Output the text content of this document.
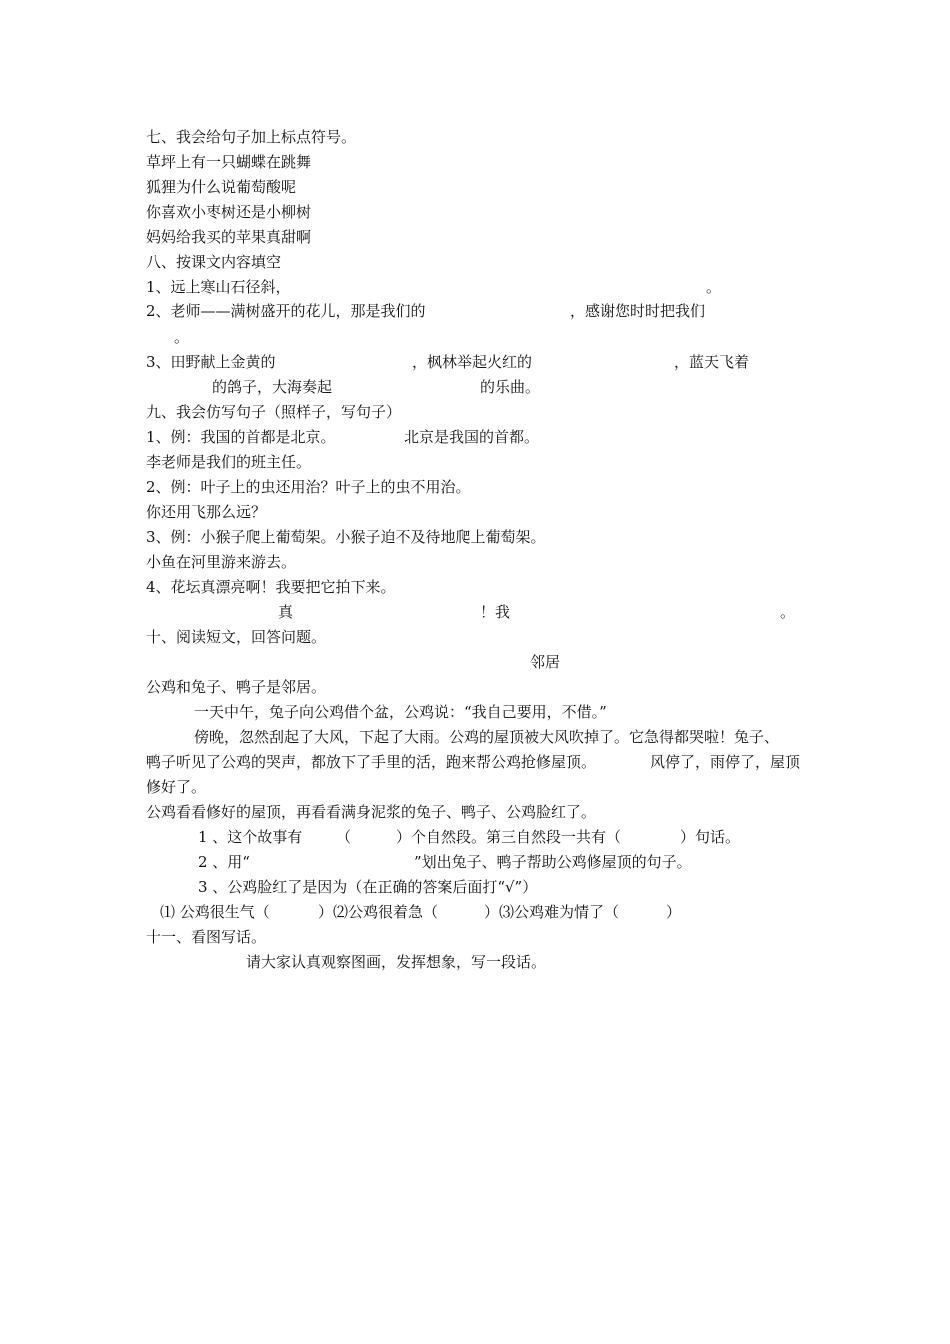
七、我会给句子加上标点符号。
草坪上有一只蝴蝶在跳舞
狐狸为什么说葡萄酸呢
你喜欢小枣树还是小柳树
妈妈给我买的苹果真甜啊
八、按课文内容填空
1、远上寒山石径斜，	。
2、老师——满树盛开的花儿，那是我们的	，感谢您时时把我们
。
3、田野献上金黄的	，枫林举起火红的	，蓝天飞着
的鸽子，大海奏起	的乐曲。
九、我会仿写句子（照样子，写句子）
1、例：我国的首都是北京。	北京是我国的首都。
李老师是我们的班主任。
2、例：叶子上的虫还用治？叶子上的虫不用治。
你还用飞那么远？
3、例：小猴子爬上葡萄架。小猴子迫不及待地爬上葡萄架。
小鱼在河里游来游去。
4、花坛真漂亮啊！我要把它拍下来。
真	！我	。
十、阅读短文，回答问题。
邻居
公鸡和兔子、鸭子是邻居。
一天中午，兔子向公鸡借个盆，公鸡说：“我自己要用，不借。”
傍晚，忽然刮起了大风，下起了大雨。公鸡的屋顶被大风吹掉了。它急得都哭啦！兔子、
鸭子听见了公鸡的哭声，都放下了手里的活，跑来帮公鸡抢修屋顶。	风停了，雨停了，屋顶
修好了。
公鸡看看修好的屋顶，再看看满身泥浆的兔子、鸭子、公鸡脸红了。
1 、这个故事有 （	）个自然段。第三自然段一共有（	）句话。
2 、用“	”划出兔子、鸭子帮助公鸡修屋顶的句子。
3 、公鸡脸红了是因为（在正确的答案后面打“√”）
⑴ 公鸡很生气（	）⑵公鸡很着急（	）⑶公鸡难为情了（	）
十一、看图写话。
请大家认真观察图画，发挥想象，写一段话。
